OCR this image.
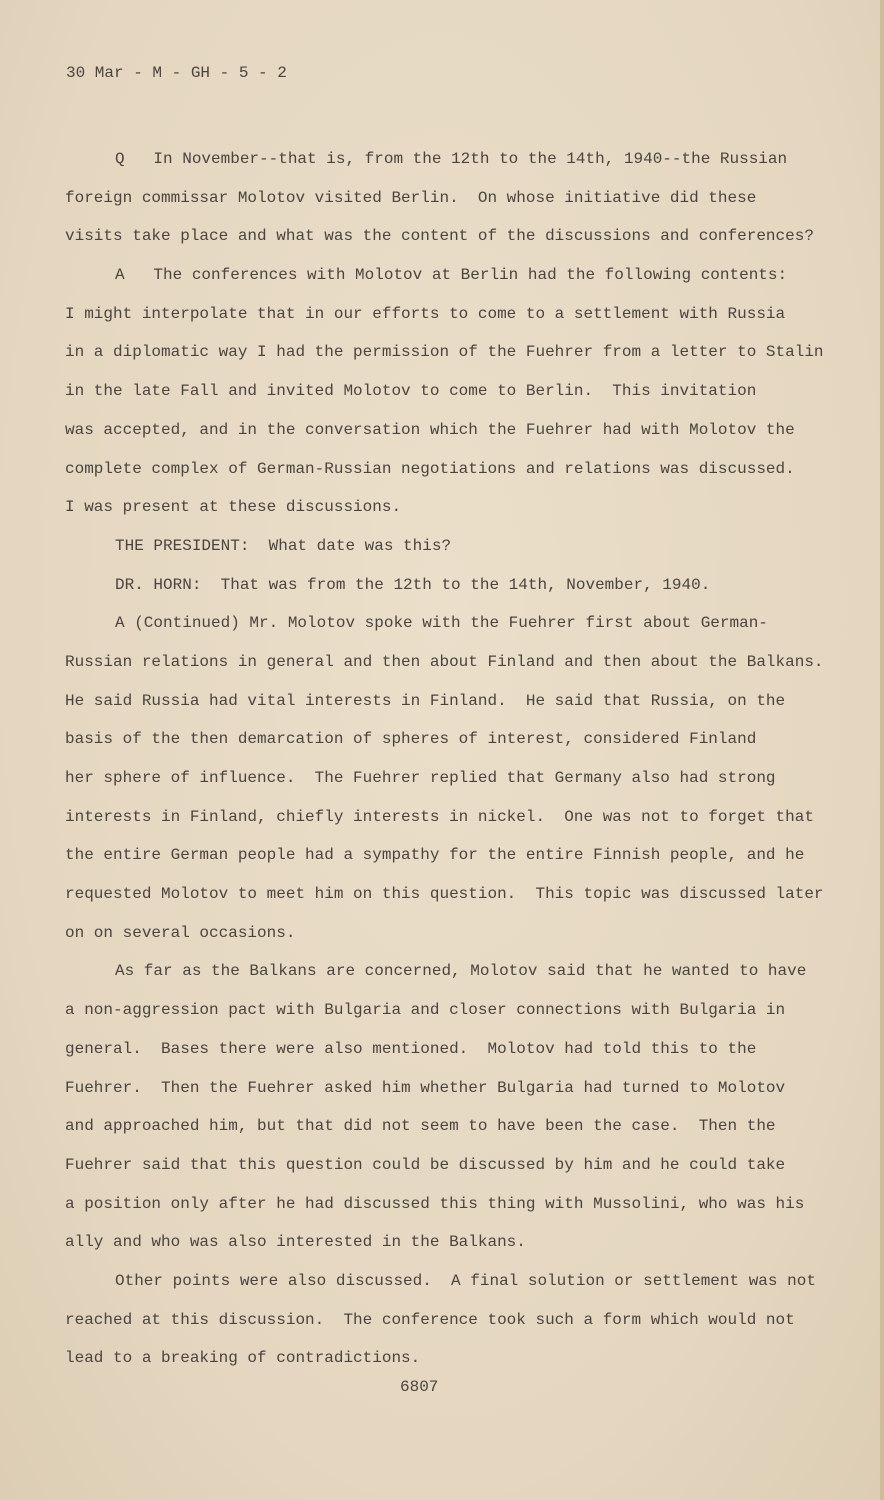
30 Mar - M - GH - 5 - 2
Q   In November--that is, from the 12th to the 14th, 1940--the Russian
foreign commissar Molotov visited Berlin.  On whose initiative did these
visits take place and what was the content of the discussions and conferences?
A   The conferences with Molotov at Berlin had the following contents:
I might interpolate that in our efforts to come to a settlement with Russia
in a diplomatic way I had the permission of the Fuehrer from a letter to Stalin
in the late Fall and invited Molotov to come to Berlin.  This invitation
was accepted, and in the conversation which the Fuehrer had with Molotov the
complete complex of German-Russian negotiations and relations was discussed.
I was present at these discussions.
THE PRESIDENT:  What date was this?
DR. HORN:  That was from the 12th to the 14th, November, 1940.
A (Continued) Mr. Molotov spoke with the Fuehrer first about German-
Russian relations in general and then about Finland and then about the Balkans.
He said Russia had vital interests in Finland.  He said that Russia, on the
basis of the then demarcation of spheres of interest, considered Finland
her sphere of influence.  The Fuehrer replied that Germany also had strong
interests in Finland, chiefly interests in nickel.  One was not to forget that
the entire German people had a sympathy for the entire Finnish people, and he
requested Molotov to meet him on this question.  This topic was discussed later
on on several occasions.
As far as the Balkans are concerned, Molotov said that he wanted to have
a non-aggression pact with Bulgaria and closer connections with Bulgaria in
general.  Bases there were also mentioned.  Molotov had told this to the
Fuehrer.  Then the Fuehrer asked him whether Bulgaria had turned to Molotov
and approached him, but that did not seem to have been the case.  Then the
Fuehrer said that this question could be discussed by him and he could take
a position only after he had discussed this thing with Mussolini, who was his
ally and who was also interested in the Balkans.
Other points were also discussed.  A final solution or settlement was not
reached at this discussion.  The conference took such a form which would not
lead to a breaking of contradictions.
6807
